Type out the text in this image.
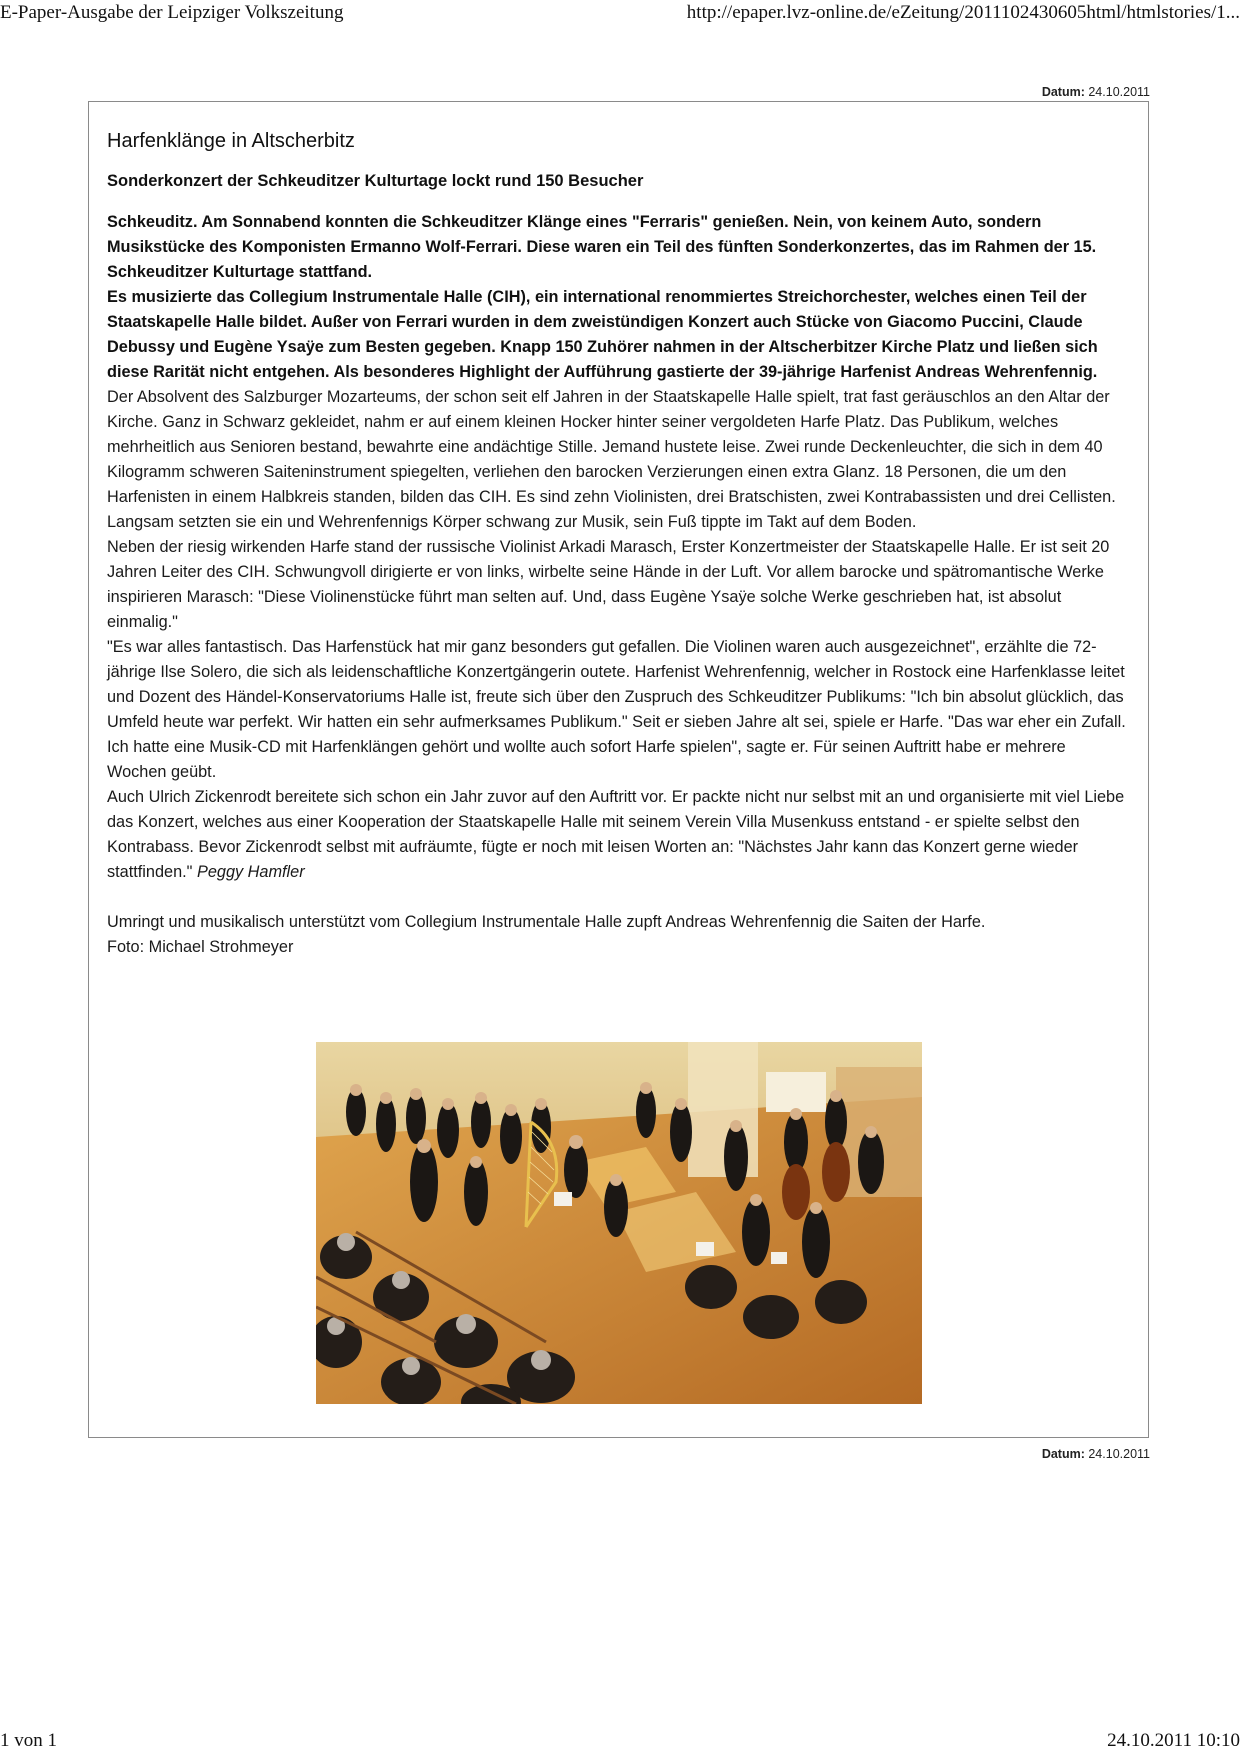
E-Paper-Ausgabe der Leipziger Volkszeitung	http://epaper.lvz-online.de/eZeitung/2011102430605html/htmlstories/1...
Datum: 24.10.2011
Harfenklänge in Altscherbitz
Sonderkonzert der Schkeuditzer Kulturtage lockt rund 150 Besucher

Schkeuditz. Am Sonnabend konnten die Schkeuditzer Klänge eines "Ferraris" genießen. Nein, von keinem Auto, sondern Musikstücke des Komponisten Ermanno Wolf-Ferrari. Diese waren ein Teil des fünften Sonderkonzertes, das im Rahmen der 15. Schkeuditzer Kulturtage stattfand.

Es musizierte das Collegium Instrumentale Halle (CIH), ein international renommiertes Streichorchester, welches einen Teil der Staatskapelle Halle bildet. Außer von Ferrari wurden in dem zweistündigen Konzert auch Stücke von Giacomo Puccini, Claude Debussy und Eugène Ysaÿe zum Besten gegeben. Knapp 150 Zuhörer nahmen in der Altscherbitzer Kirche Platz und ließen sich diese Rarität nicht entgehen. Als besonderes Highlight der Aufführung gastierte der 39-jährige Harfenist Andreas Wehrenfennig.

Der Absolvent des Salzburger Mozarteums, der schon seit elf Jahren in der Staatskapelle Halle spielt, trat fast geräuschlos an den Altar der Kirche. Ganz in Schwarz gekleidet, nahm er auf einem kleinen Hocker hinter seiner vergoldeten Harfe Platz. Das Publikum, welches mehrheitlich aus Senioren bestand, bewahrte eine andächtige Stille. Jemand hustete leise. Zwei runde Deckenleuchter, die sich in dem 40 Kilogramm schweren Saiteninstrument spiegelten, verliehen den barocken Verzierungen einen extra Glanz. 18 Personen, die um den Harfenisten in einem Halbkreis standen, bilden das CIH. Es sind zehn Violinisten, drei Bratschisten, zwei Kontrabassisten und drei Cellisten. Langsam setzten sie ein und Wehrenfennigs Körper schwang zur Musik, sein Fuß tippte im Takt auf dem Boden.

Neben der riesig wirkenden Harfe stand der russische Violinist Arkadi Marasch, Erster Konzertmeister der Staatskapelle Halle. Er ist seit 20 Jahren Leiter des CIH. Schwungvoll dirigierte er von links, wirbelte seine Hände in der Luft. Vor allem barocke und spätromantische Werke inspirieren Marasch: "Diese Violinenstücke führt man selten auf. Und, dass Eugène Ysaÿe solche Werke geschrieben hat, ist absolut einmalig."

"Es war alles fantastisch. Das Harfenstück hat mir ganz besonders gut gefallen. Die Violinen waren auch ausgezeichnet", erzählte die 72-jährige Ilse Solero, die sich als leidenschaftliche Konzertgängerin outete. Harfenist Wehrenfennig, welcher in Rostock eine Harfenklasse leitet und Dozent des Händel-Konservatoriums Halle ist, freute sich über den Zuspruch des Schkeuditzer Publikums: "Ich bin absolut glücklich, das Umfeld heute war perfekt. Wir hatten ein sehr aufmerksames Publikum." Seit er sieben Jahre alt sei, spiele er Harfe. "Das war eher ein Zufall. Ich hatte eine Musik-CD mit Harfenklängen gehört und wollte auch sofort Harfe spielen", sagte er. Für seinen Auftritt habe er mehrere Wochen geübt.

Auch Ulrich Zickenrodt bereitete sich schon ein Jahr zuvor auf den Auftritt vor. Er packte nicht nur selbst mit an und organisierte mit viel Liebe das Konzert, welches aus einer Kooperation der Staatskapelle Halle mit seinem Verein Villa Musenkuss entstand - er spielte selbst den Kontrabass. Bevor Zickenrodt selbst mit aufräumte, fügte er noch mit leisen Worten an: "Nächstes Jahr kann das Konzert gerne wieder stattfinden." Peggy Hamfler

Umringt und musikalisch unterstützt vom Collegium Instrumentale Halle zupft Andreas Wehrenfennig die Saiten der Harfe.

Foto: Michael Strohmeyer

Datum: 24.10.2011
1 von 1	24.10.2011 10:10
